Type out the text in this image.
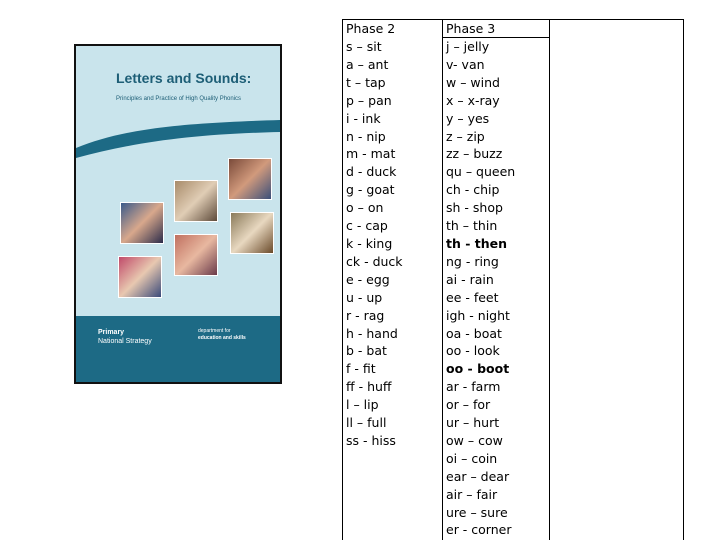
Letters and Sounds:
Principles and Practice of High Quality Phonics
Primary
National Strategy
department for
education and skills
Phase 2	Phase 3
s – sit
a – ant
t – tap
p – pan
i - ink
n - nip
m - mat
d - duck
g - goat
o – on
c - cap
k - king
ck - duck
e - egg
u - up
r - rag
h - hand
b - bat
f - fit
ff - huff
l – lip
ll – full
ss - hiss
j – jelly
v- van
w – wind
x – x-ray
y – yes
z – zip
zz – buzz
qu – queen
ch - chip
sh - shop
th – thin
th - then
ng - ring
ai - rain
ee - feet
igh - night
oa - boat
oo - look
oo - boot
ar - farm
or – for
ur – hurt
ow – cow
oi – coin
ear – dear
air – fair
ure – sure
er - corner
